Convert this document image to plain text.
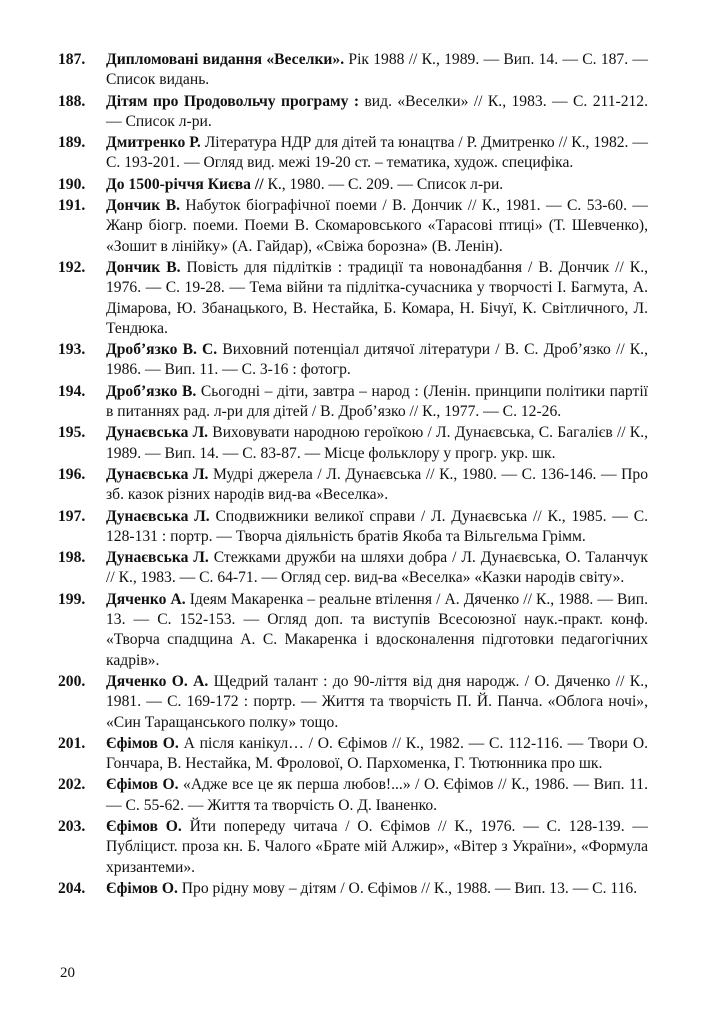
187.	Дипломовані видання «Веселки». Рік 1988 // К., 1989. — Вип. 14. — С. 187. — Список видань.
188.	Дітям про Продовольчу програму : вид. «Веселки» // К., 1983. — С. 211-212. — Список л-ри.
189.	Дмитренко Р. Література НДР для дітей та юнацтва / Р. Дмитренко // К., 1982. — С. 193-201. — Огляд вид. межі 19-20 ст. – тематика, худож. специфіка.
190.	До 1500-річчя Києва // К., 1980. — С. 209. — Список л-ри.
191.	Дончик В. Набуток біографічної поеми / В. Дончик // К., 1981. — С. 53-60. — Жанр біогр. поеми. Поеми В. Скомаровського «Тарасові птиці» (Т. Шевченко), «Зошит в лінійку» (А. Гайдар), «Свіжа борозна» (В. Ленін).
192.	Дончик В. Повість для підлітків : традиції та новонадбання / В. Дончик // К., 1976. — С. 19-28. — Тема війни та підлітка-сучасника у творчості І. Багмута, А. Дімарова, Ю. Збанацького, В. Нестайка, Б. Комара, Н. Бічуї, К. Світличного, Л. Тендюка.
193.	Дроб’язко В. С. Виховний потенціал дитячої літератури / В. С. Дроб’язко // К., 1986. — Вип. 11. — С. 3-16 : фотогр.
194.	Дроб’язко В. Сьогодні – діти, завтра – народ : (Ленін. принципи політики партії в питаннях рад. л-ри для дітей / В. Дроб’язко // К., 1977. — С. 12-26.
195.	Дунаєвська Л. Виховувати народною героїкою / Л. Дунаєвська, С. Багалієв // К., 1989. — Вип. 14. — С. 83-87. — Місце фольклору у прогр. укр. шк.
196.	Дунаєвська Л. Мудрі джерела / Л. Дунаєвська // К., 1980. — С. 136-146. — Про зб. казок різних народів вид-ва «Веселка».
197.	Дунаєвська Л. Сподвижники великої справи / Л. Дунаєвська // К., 1985. — С. 128-131 : портр. — Творча діяльність братів Якоба та Вільгельма Грімм.
198.	Дунаєвська Л. Стежками дружби на шляхи добра / Л. Дунаєвська, О. Таланчук // К., 1983. — С. 64-71. — Огляд сер. вид-ва «Веселка» «Казки народів світу».
199.	Дяченко А. Ідеям Макаренка – реальне втілення / А. Дяченко // К., 1988. — Вип. 13. — С. 152-153. — Огляд доп. та виступів Всесоюзної наук.-практ. конф. «Творча спадщина А. С. Макаренка і вдосконалення підготовки педагогічних кадрів».
200.	Дяченко О. А. Щедрий талант : до 90-ліття від дня народж. / О. Дяченко // К., 1981. — С. 169-172 : портр. — Життя та творчість П. Й. Панча. «Облога ночі», «Син Таращанського полку» тощо.
201.	Єфімов О. А після канікул… / О. Єфімов // К., 1982. — С. 112-116. — Твори О. Гончара, В. Нестайка, М. Фролової, О. Пархоменка, Г. Тютюнника про шк.
202.	Єфімов О. «Адже все це як перша любов!...» / О. Єфімов // К., 1986. — Вип. 11. — С. 55-62. — Життя та творчість О. Д. Іваненко.
203.	Єфімов О. Йти попереду читача / О. Єфімов // К., 1976. — С. 128-139. — Публіцист. проза кн. Б. Чалого «Брате мій Алжир», «Вітер з України», «Формула хризантеми».
204.	Єфімов О. Про рідну мову – дітям / О. Єфімов // К., 1988. — Вип. 13. — С. 116.
20
